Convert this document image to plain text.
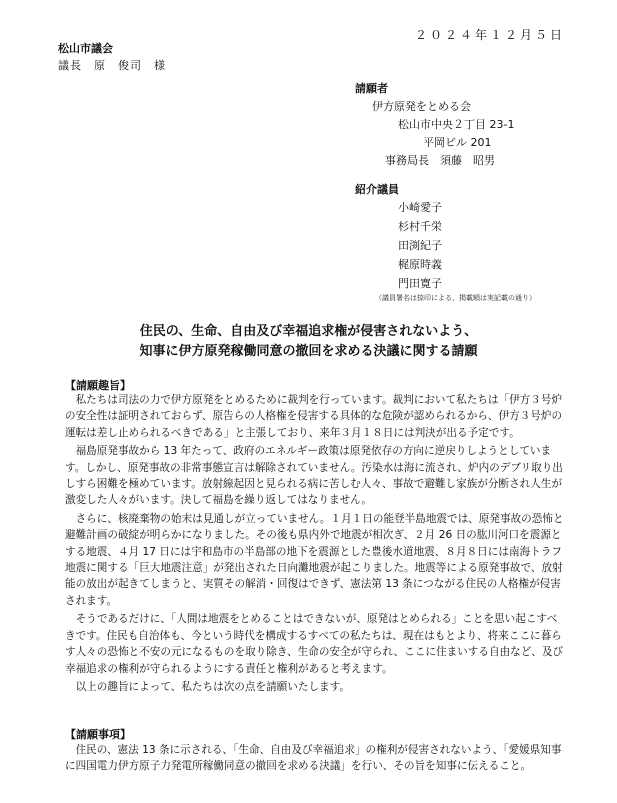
２０２４年１２月５日
松山市議会
議長　原　俊司　様
請願者
伊方原発をとめる会
松山市中央２丁目 23-1
平岡ビル 201
事務局長　須藤　昭男
紹介議員
小崎愛子
杉村千栄
田渕紀子
梶原時義
門田寛子
（議員署名は捺印による、掲載順は実記載の通り）
住民の、生命、自由及び幸福追求権が侵害されないよう、
知事に伊方原発稼働同意の撤回を求める決議に関する請願
【請願趣旨】

私たちは司法の力で伊方原発をとめるために裁判を行っています。裁判において私たちは「伊方３号炉の安全性は証明されておらず、原告らの人格権を侵害する具体的な危険が認められるから、伊方３号炉の運転は差し止められるべきである」と主張しており、来年３月１８日には判決が出る予定です。

福島原発事故から 13 年たって、政府のエネルギー政策は原発依存の方向に逆戻りしようとしています。しかし、原発事故の非常事態宣言は解除されていません。汚染水は海に流され、炉内のデブリ取り出しすら困難を極めています。放射線起因と見られる病に苦しむ人々、事故で避難し家族が分断され人生が激変した人々がいます。決して福島を繰り返してはなりません。

さらに、核廃棄物の始末は見通しが立っていません。１月１日の能登半島地震では、原発事故の恐怖と避難計画の破綻が明らかになりました。その後も県内外で地震が相次ぎ、２月 26 日の肱川河口を震源とする地震、４月 17 日には宇和島市の半島部の地下を震源とした豊後水道地震、８月８日には南海トラフ地震に関する「巨大地震注意」が発出された日向灘地震が起こりました。地震等による原発事故で、放射能の放出が起きてしまうと、実質その解消・回復はできず、憲法第 13 条につながる住民の人格権が侵害されます。

そうであるだけに、「人間は地震をとめることはできないが、原発はとめられる」ことを思い起こすべきです。住民も自治体も、今という時代を構成するすべての私たちは、現在はもとより、将来ここに暮らす人々の恐怖と不安の元になるものを取り除き、生命の安全が守られ、ここに住まいする自由など、及び幸福追求の権利が守られるようにする責任と権利があると考えます。

以上の趣旨によって、私たちは次の点を請願いたします。

【請願事項】

住民の、憲法 13 条に示される、「生命、自由及び幸福追求」の権利が侵害されないよう、「愛媛県知事に四国電力伊方原子力発電所稼働同意の撤回を求める決議」を行い、その旨を知事に伝えること。
